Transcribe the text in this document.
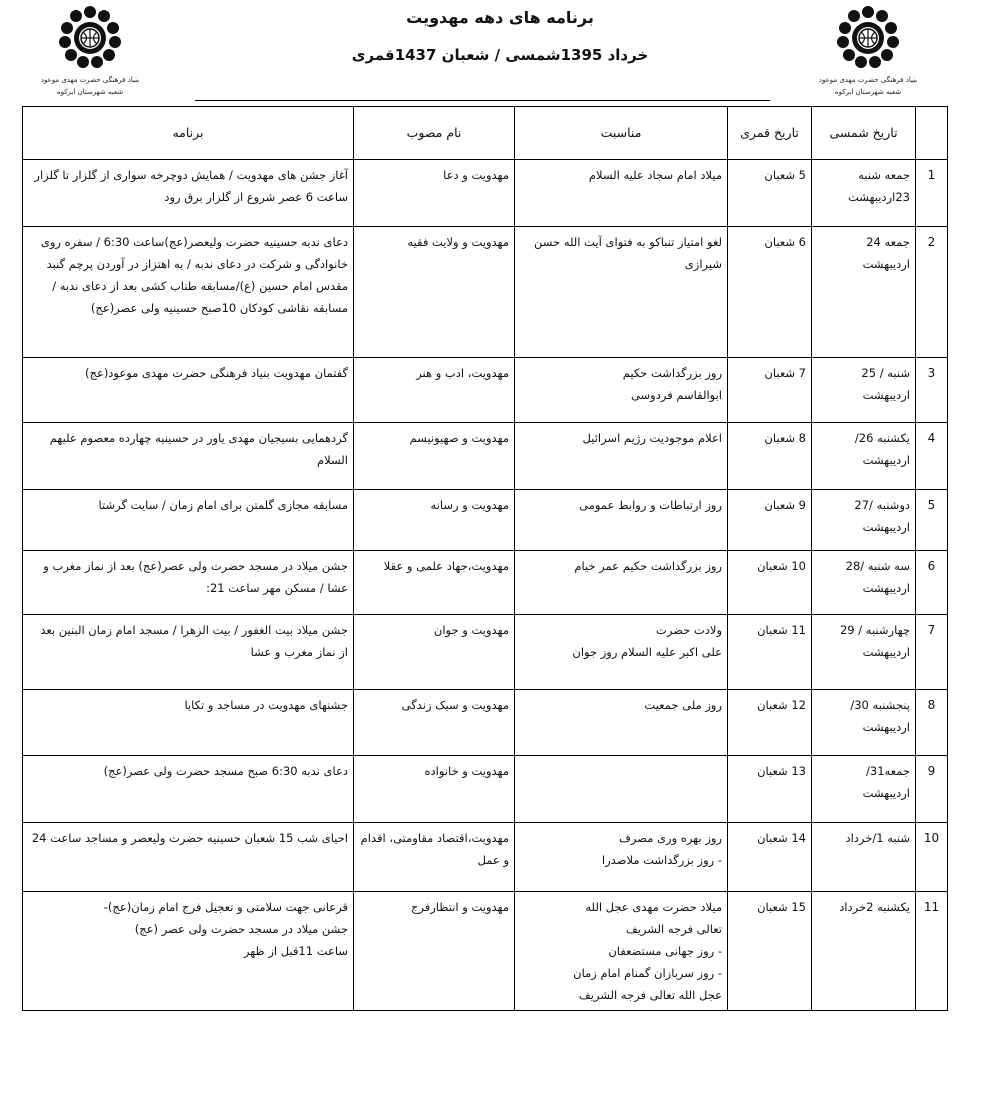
بنیاد فرهنگی حضرت مهدی موعود
شعبه شهرستان ابرکوه
بنیاد فرهنگی حضرت مهدی موعود
شعبه شهرستان ابرکوه
برنامه های دهه مهدویت
خرداد 1395شمسی / شعبان 1437قمری
	تاریخ شمسی	تاریخ قمری	مناسبت	نام مصوب	برنامه
1	جمعه شنبه 23اردیبهشت	5 شعبان	میلاد امام سجاد علیه السلام	مهدویت و دعا	آغاز جشن های مهدویت / همایش دوچرخه سواری از گلزار تا گلزار ساعت 6 عصر شروع از گلزار برق رود

2	جمعه 24 اردیبهشت	6 شعبان	لغو امتیاز تنباکو به فتوای آیت الله حسن شیرازی	مهدویت و ولایت فقیه	دعای ندبه حسینیه حضرت ولیعصر(عج)ساعت 6:30 / سفره روی خانوادگی و شرکت در دعای ندبه / به اهتزاز در آوردن پرچم گنبد مقدس امام حسین (ع)/مسابقه طناب کشی بعد از دعای ندبه / مسابقه نقاشی کودکان 10صبح حسینیه ولی عصر(عج)

3	شنبه / 25 اردیبهشت	7 شعبان	روز بزرگداشت حکیم
ابوالقاسم فردوسی	مهدویت، ادب و هنر	گفتمان مهدویت بنیاد فرهنگی حضرت مهدی موعود(عج)

4	یکشنبه 26/ اردیبهشت	8 شعبان	اعلام موجودیت رژیم اسرائیل	مهدویت و صهیونیسم	گردهمایی بسیجیان مهدی یاور در حسینیه چهارده معصوم علیهم السلام

5	دوشنبه /27 اردیبهشت	9 شعبان	روز ارتباطات و روابط عمومی	مهدویت و رسانه	مسابقه مجازی گلمتن برای امام زمان / سایت گرشتا

6	سه شنبه /28 اردیبهشت	10 شعبان	روز بزرگداشت حکیم عمر خیام	مهدویت،جهاد علمی و عقلا	جشن میلاد در مسجد حضرت ولی عصر(عج) بعد از نماز مغرب و عشا / مسکن مهر ساعت 21:

7	چهارشنبه / 29 اردیبهشت	11 شعبان	ولادت حضرت
علی اکبر علیه السلام روز جوان	مهدویت و جوان	جشن میلاد بیت الغفور / بیت الزهرا / مسجد امام زمان البنین بعد از نماز مغرب و عشا

8	پنجشنبه 30/ اردیبهشت	12 شعبان	روز ملی جمعیت	مهدویت و سبک زندگی	جشنهای مهدویت در مساجد و تکایا

9	جمعه31/ اردیبهشت	13 شعبان		مهدویت و خانواده	دعای ندبه 6:30 صبح مسجد حضرت ولی عصر(عج)

10	شنبه 1/خرداد	14 شعبان	روز بهره وری مصرف
- روز بزرگداشت ملاصدرا	مهدویت،اقتصاد مقاومتی، اقدام و عمل	احیای شب 15 شعبان حسینیه حضرت ولیعصر و مساجد ساعت 24

11	یکشنبه 2خرداد	15 شعبان	میلاد حضرت مهدی عجل الله
تعالی فرجه الشریف
- روز جهانی مستضعفان
- روز سربازان گمنام امام زمان
عجل الله تعالی فرجه الشریف	مهدویت و انتظارفرج	قرعانی جهت سلامتی و تعجیل فرج امام زمان(عج)-
جشن میلاد در مسجد حضرت ولی عصر (عج)
ساعت 11قبل از ظهر
